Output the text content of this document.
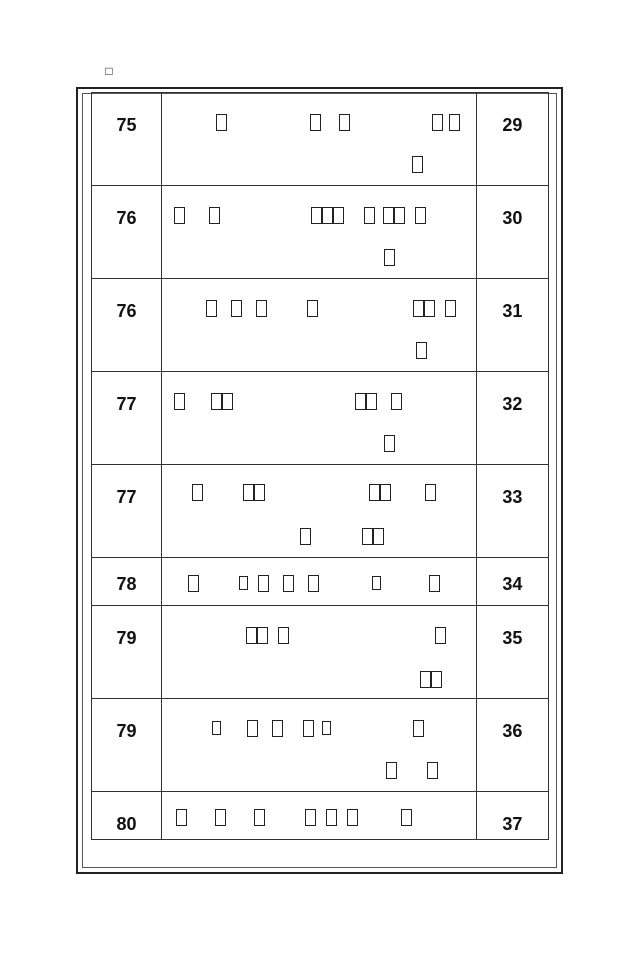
□
75		29
76		30
76		31
77		32
77		33
78		34
79		35
79		36
80		37
